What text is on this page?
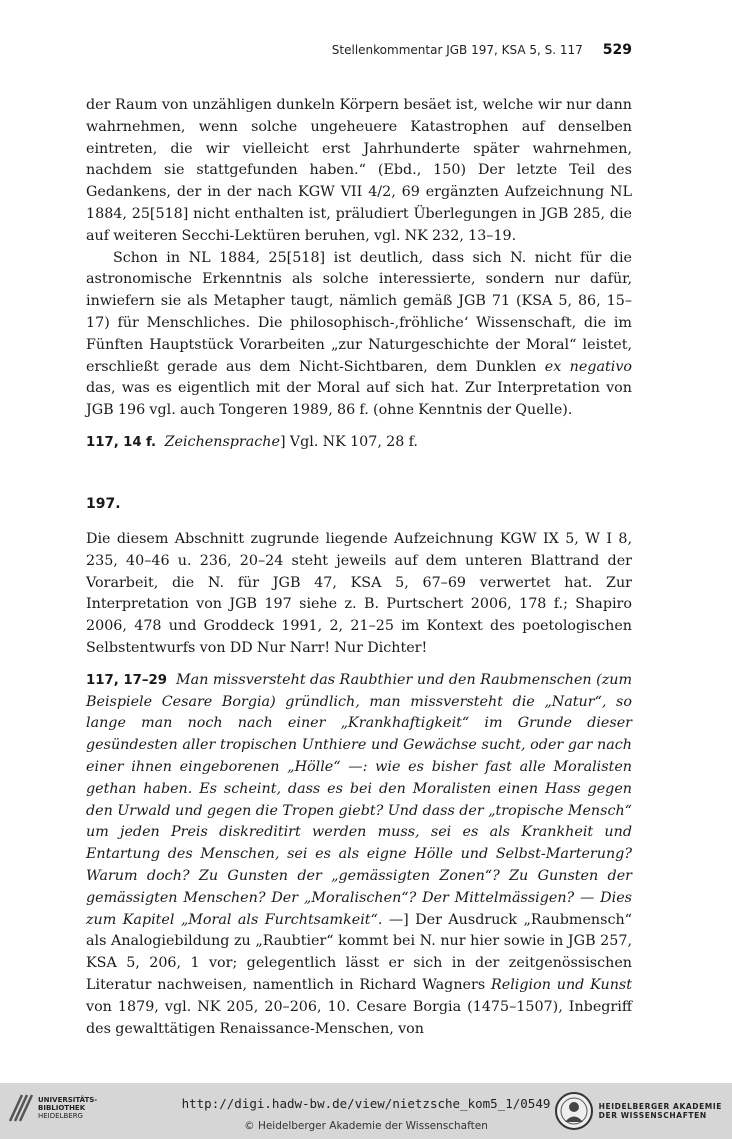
Stellenkommentar JGB 197, KSA 5, S. 117 529

der Raum von unzähligen dunkeln Körpern besäet ist, welche wir nur dann wahrnehmen, wenn solche ungeheuere Katastrophen auf denselben eintreten, die wir vielleicht erst Jahrhunderte später wahrnehmen, nachdem sie stattgefunden haben.“ (Ebd., 150) Der letzte Teil des Gedankens, der in der nach KGW VII 4/2, 69 ergänzten Aufzeichnung NL 1884, 25[518] nicht enthalten ist, präludiert Überlegungen in JGB 285, die auf weiteren Secchi-Lektüren beruhen, vgl. NK 232, 13–19.

Schon in NL 1884, 25[518] ist deutlich, dass sich N. nicht für die astronomische Erkenntnis als solche interessierte, sondern nur dafür, inwiefern sie als Metapher taugt, nämlich gemäß JGB 71 (KSA 5, 86, 15–17) für Menschliches. Die philosophisch-‚fröhliche‘ Wissenschaft, die im Fünften Hauptstück Vorarbeiten „zur Naturgeschichte der Moral“ leistet, erschließt gerade aus dem Nicht-Sichtbaren, dem Dunklen ex negativo das, was es eigentlich mit der Moral auf sich hat. Zur Interpretation von JGB 196 vgl. auch Tongeren 1989, 86 f. (ohne Kenntnis der Quelle).

117, 14 f. Zeichensprache] Vgl. NK 107, 28 f.

197.

Die diesem Abschnitt zugrunde liegende Aufzeichnung KGW IX 5, W I 8, 235, 40–46 u. 236, 20–24 steht jeweils auf dem unteren Blattrand der Vorarbeit, die N. für JGB 47, KSA 5, 67–69 verwertet hat. Zur Interpretation von JGB 197 siehe z. B. Purtschert 2006, 178 f.; Shapiro 2006, 478 und Groddeck 1991, 2, 21–25 im Kontext des poetologischen Selbstentwurfs von DD Nur Narr! Nur Dichter!

117, 17–29 Man missversteht das Raubthier und den Raubmenschen (zum Beispiele Cesare Borgia) gründlich, man missversteht die „Natur“, so lange man noch nach einer „Krankhaftigkeit“ im Grunde dieser gesündesten aller tropischen Unthiere und Gewächse sucht, oder gar nach einer ihnen eingeborenen „Hölle“ —: wie es bisher fast alle Moralisten gethan haben. Es scheint, dass es bei den Moralisten einen Hass gegen den Urwald und gegen die Tropen giebt? Und dass der „tropische Mensch“ um jeden Preis diskreditirt werden muss, sei es als Krankheit und Entartung des Menschen, sei es als eigne Hölle und Selbst-Marterung? Warum doch? Zu Gunsten der „gemässigten Zonen“? Zu Gunsten der gemässigten Menschen? Der „Moralischen“? Der Mittelmässigen? — Dies zum Kapitel „Moral als Furchtsamkeit“. —] Der Ausdruck „Raubmensch“ als Analogiebildung zu „Raubtier“ kommt bei N. nur hier sowie in JGB 257, KSA 5, 206, 1 vor; gelegentlich lässt er sich in der zeitgenössischen Literatur nachweisen, namentlich in Richard Wagners Religion und Kunst von 1879, vgl. NK 205, 20–206, 10. Cesare Borgia (1475–1507), Inbegriff des gewalttätigen Renaissance-Menschen, von

UNIVERSITÄTS-
BIBLIOTHEK
HEIDELBERG
http://digi.hadw-bw.de/view/nietzsche_kom5_1/0549
© Heidelberger Akademie der Wissenschaften
HEIDELBERGER AKADEMIE
DER WISSENSCHAFTEN
